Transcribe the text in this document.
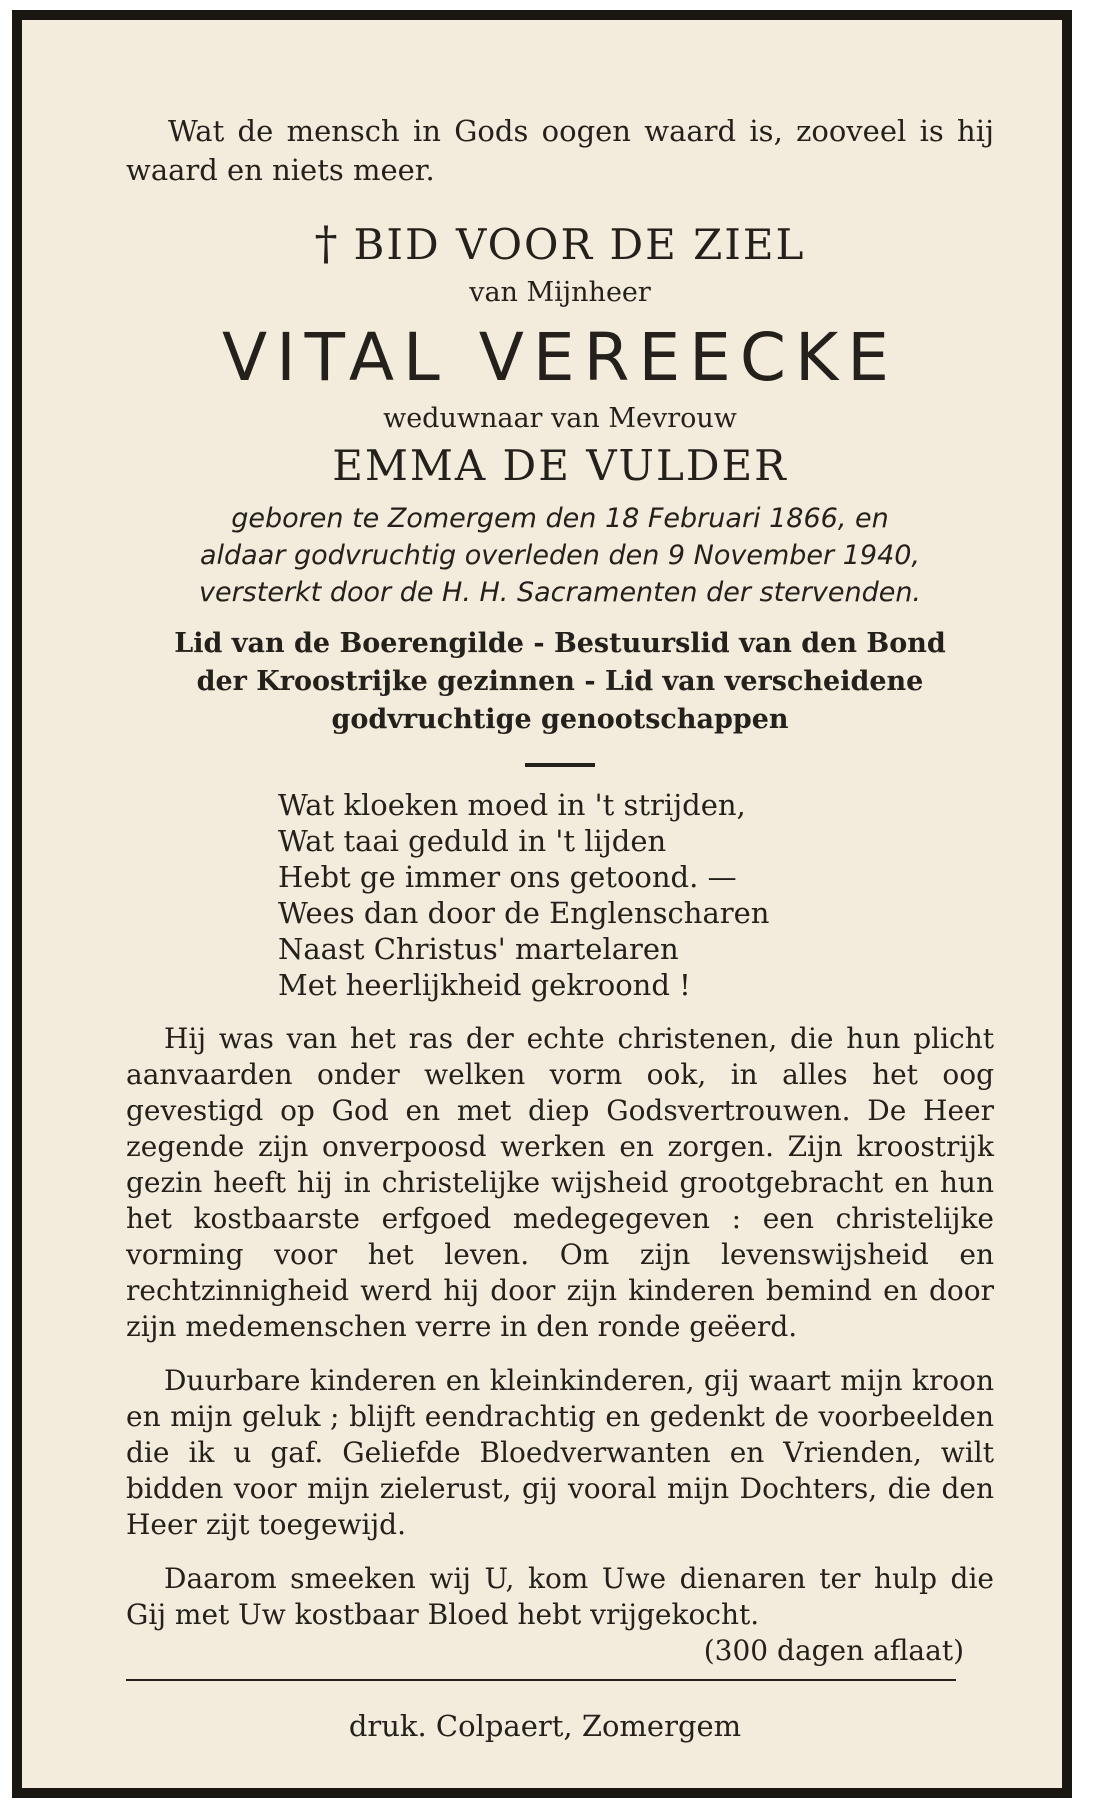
Wat de mensch in Gods oogen waard is, zooveel is hij waard en niets meer.

† BID VOOR DE ZIEL
van Mijnheer
VITAL VEREECKE
weduwnaar van Mevrouw
EMMA DE VULDER
geboren te Zomergem den 18 Februari 1866, en
aldaar godvruchtig overleden den 9 November 1940,
versterkt door de H. H. Sacramenten der stervenden.
Lid van de Boerengilde - Bestuurslid van den Bond
der Kroostrijke gezinnen - Lid van verscheidene
godvruchtige genootschappen
Wat kloeken moed in 't strijden,
Wat taai geduld in 't lijden
Hebt ge immer ons getoond. —
Wees dan door de Englenscharen
Naast Christus' martelaren
Met heerlijkheid gekroond !

Hij was van het ras der echte christenen, die hun plicht aanvaarden onder welken vorm ook, in alles het oog gevestigd op God en met diep Godsvertrouwen. De Heer zegende zijn onverpoosd werken en zorgen. Zijn kroostrijk gezin heeft hij in christelijke wijsheid grootgebracht en hun het kostbaarste erfgoed medegegeven : een christelijke vorming voor het leven. Om zijn levenswijsheid en rechtzinnigheid werd hij door zijn kinderen bemind en door zijn medemenschen verre in den ronde geëerd.

Duurbare kinderen en kleinkinderen, gij waart mijn kroon en mijn geluk ; blijft eendrachtig en gedenkt de voorbeelden die ik u gaf. Geliefde Bloedverwanten en Vrienden, wilt bidden voor mijn zielerust, gij vooral mijn Dochters, die den Heer zijt toegewijd.

Daarom smeeken wij U, kom Uwe dienaren ter hulp die Gij met Uw kostbaar Bloed hebt vrijgekocht.

(300 dagen aflaat)
druk. Colpaert, Zomergem
